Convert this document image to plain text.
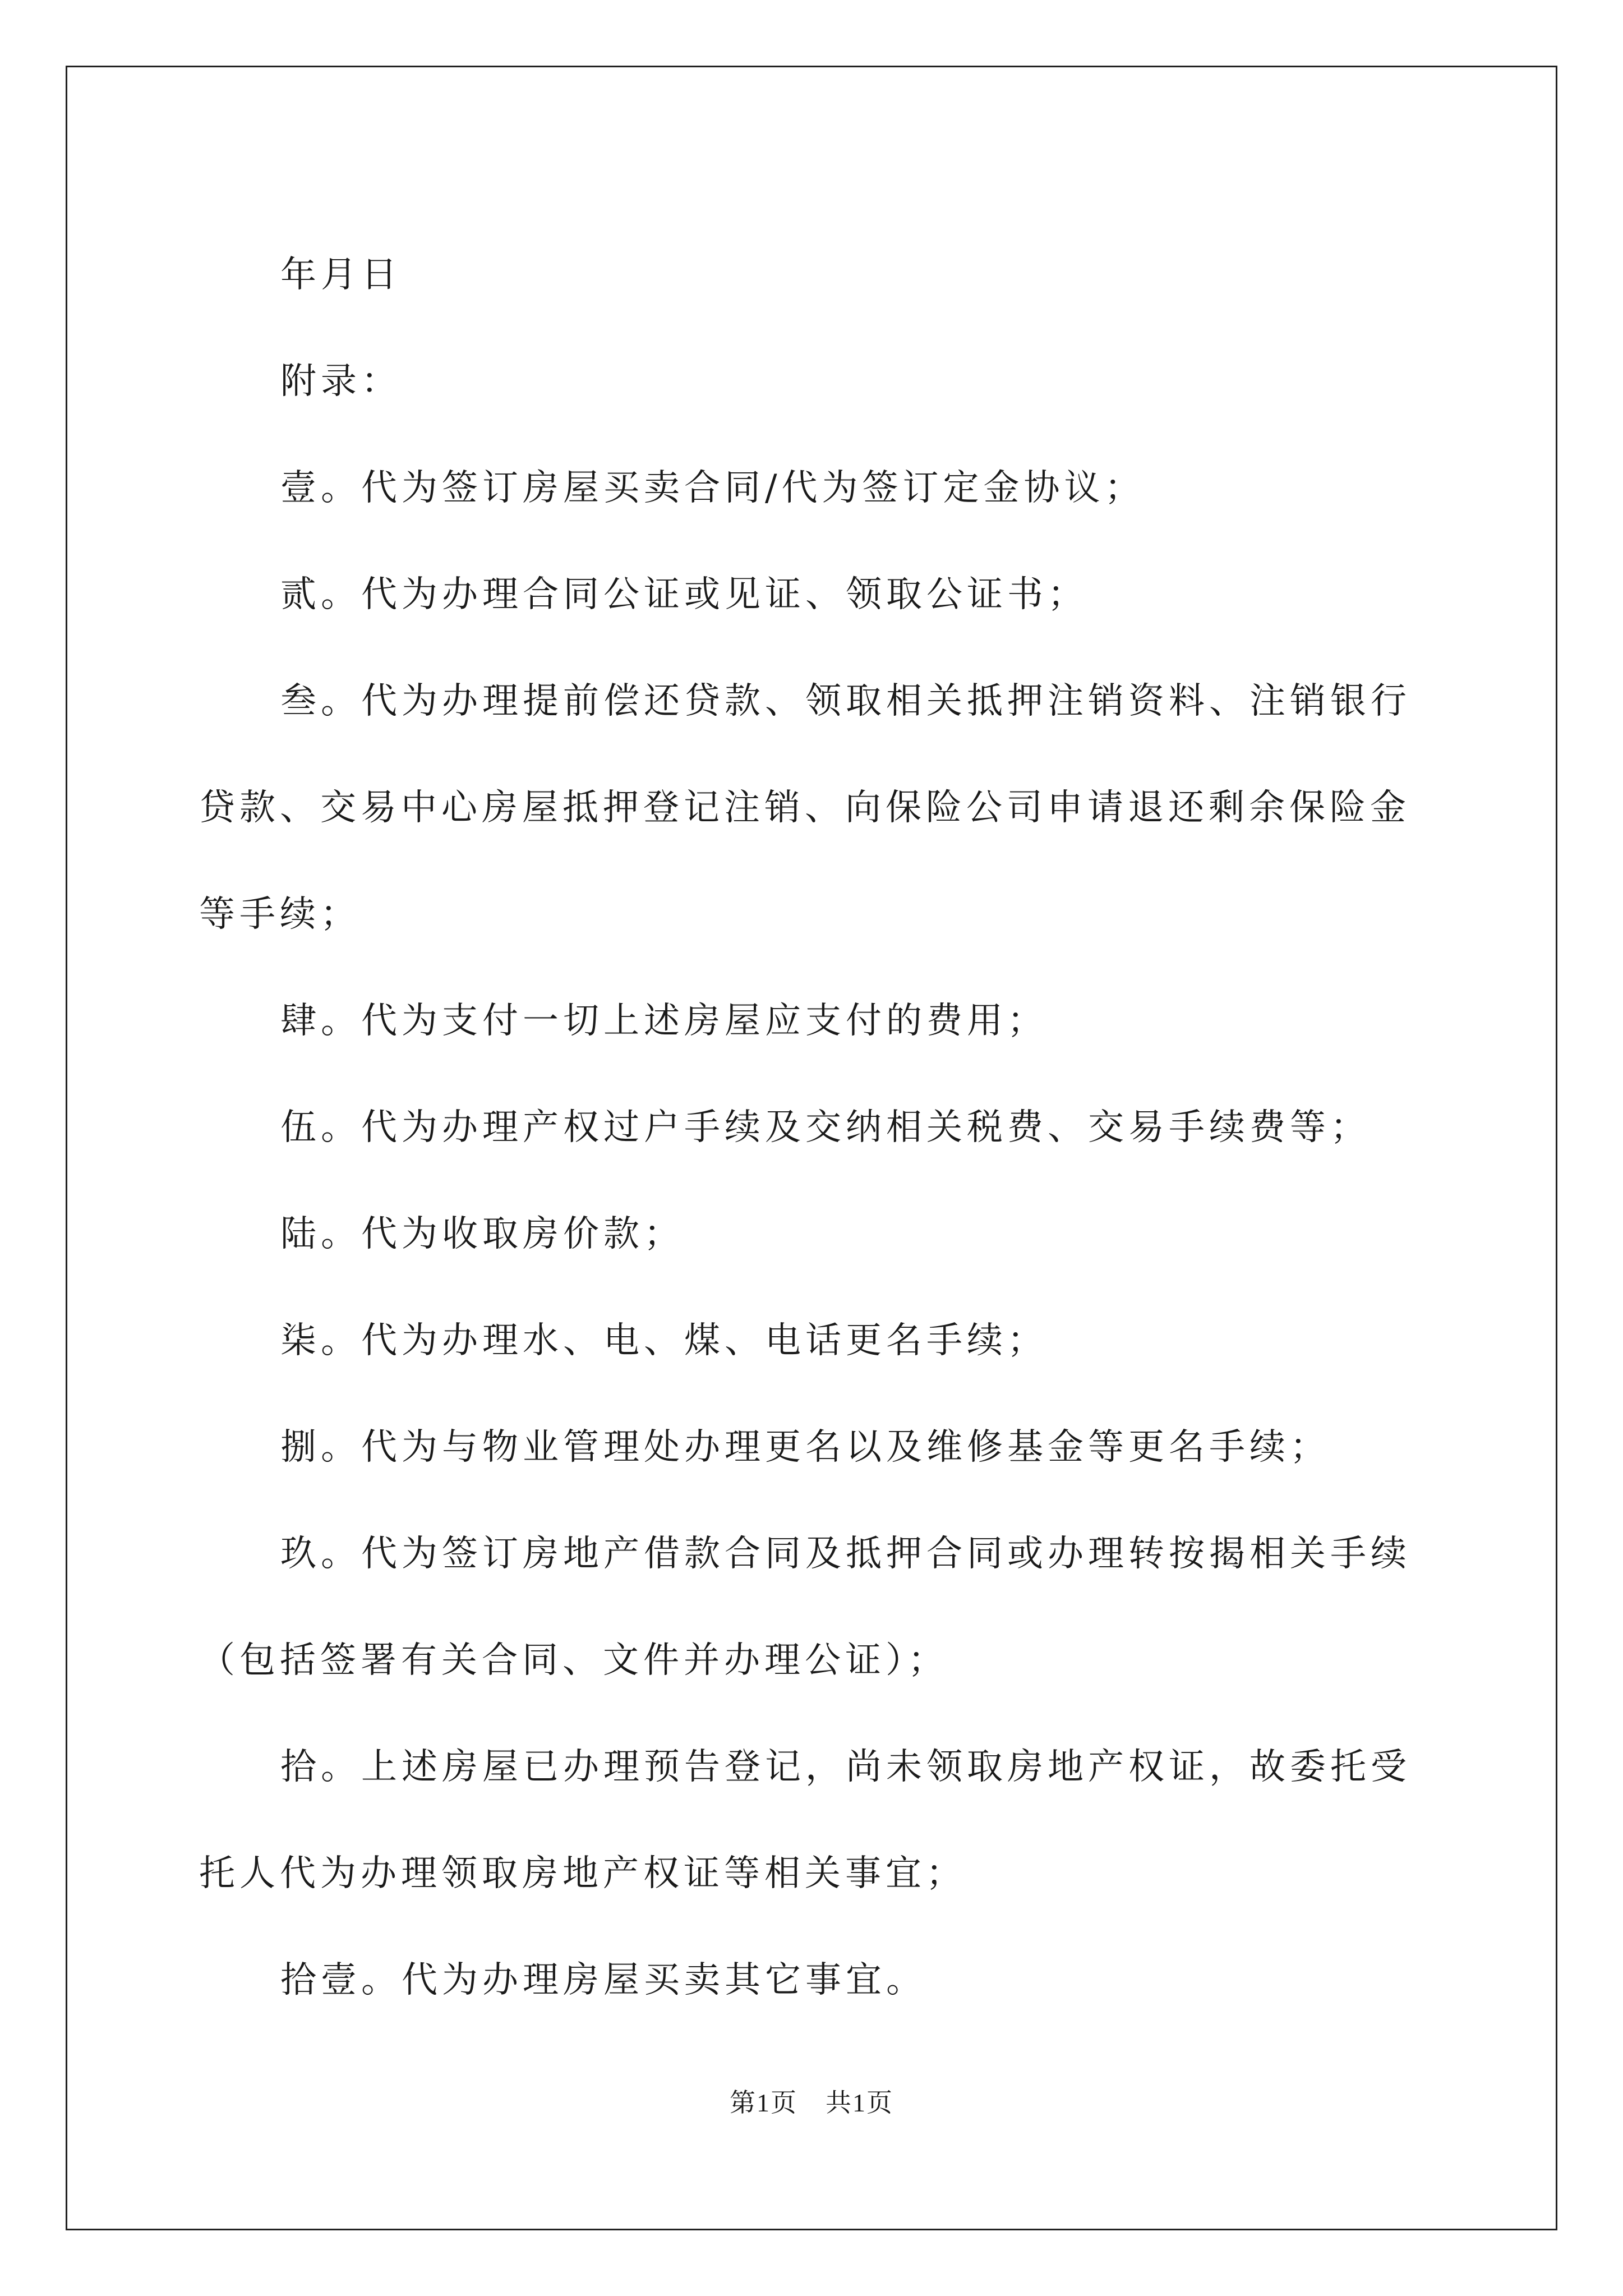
年月日

附录：

壹。代为签订房屋买卖合同/代为签订定金协议；

贰。代为办理合同公证或见证、领取公证书；

叁。代为办理提前偿还贷款、领取相关抵押注销资料、注销银行

贷款、交易中心房屋抵押登记注销、向保险公司申请退还剩余保险金

等手续；

肆。代为支付一切上述房屋应支付的费用；

伍。代为办理产权过户手续及交纳相关税费、交易手续费等；

陆。代为收取房价款；

柒。代为办理水、电、煤、电话更名手续；

捌。代为与物业管理处办理更名以及维修基金等更名手续；

玖。代为签订房地产借款合同及抵押合同或办理转按揭相关手续

（包括签署有关合同、文件并办理公证）；

拾。上述房屋已办理预告登记，尚未领取房地产权证，故委托受

托人代为办理领取房地产权证等相关事宜；

拾壹。代为办理房屋买卖其它事宜。

第1页 共1页
